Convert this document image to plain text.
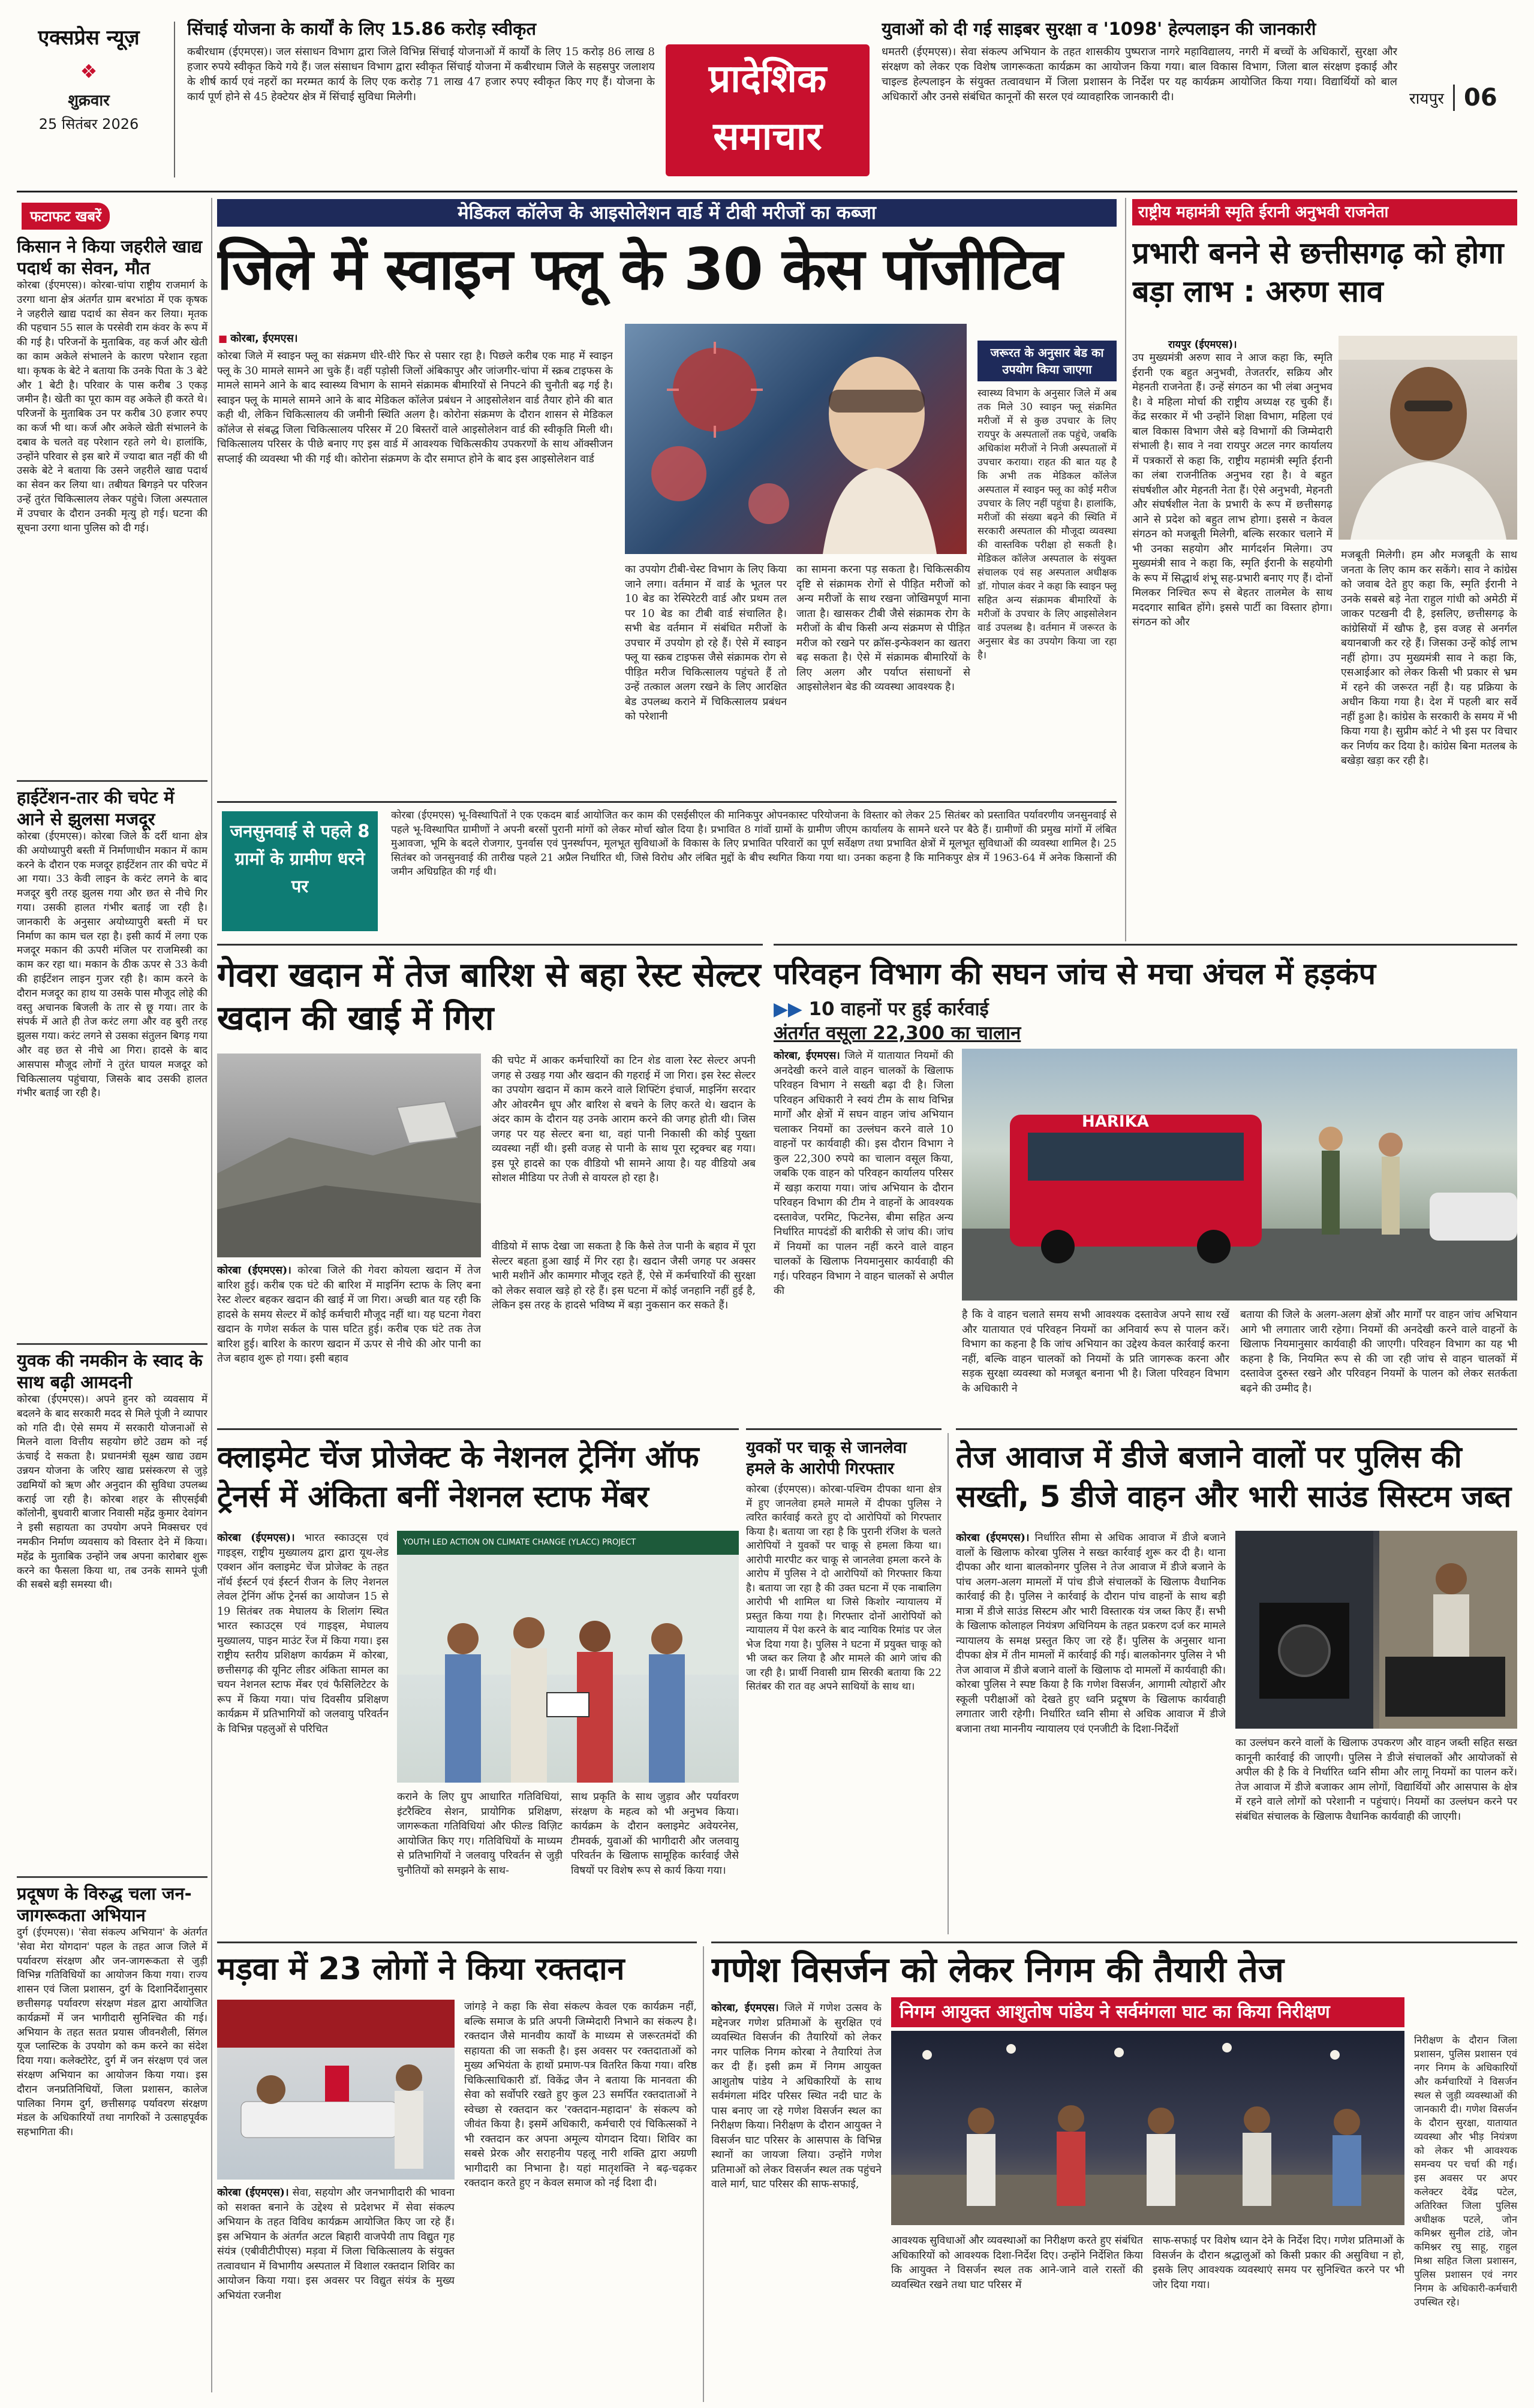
एक्सप्रेस न्यूज़
❖
शुक्रवार
25 सितंबर 2026
सिंचाई योजना के कार्यों के लिए 15.86 करोड़ स्वीकृत
कबीरधाम (ईएमएस)। जल संसाधन विभाग द्वारा जिले विभिन्न सिंचाई योजनाओं में कार्यों के लिए 15 करोड़ 86 लाख 8 हजार रुपये स्वीकृत किये गये हैं। जल संसाधन विभाग द्वारा स्वीकृत सिंचाई योजना में कबीरधाम जिले के सहसपुर जलाशय के शीर्ष कार्य एवं नहरों का मरम्मत कार्य के लिए एक करोड़ 71 लाख 47 हजार रुपए स्वीकृत किए गए हैं। योजना के कार्य पूर्ण होने से 45 हेक्टेयर क्षेत्र में सिंचाई सुविधा मिलेगी।	प्रादेशिक
समाचार
युवाओं को दी गई साइबर सुरक्षा व '1098' हेल्पलाइन की जानकारी
धमतरी (ईएमएस)। सेवा संकल्प अभियान के तहत शासकीय पुष्पराज नागरे महाविद्यालय, नगरी में बच्चों के अधिकारों, सुरक्षा और संरक्षण को लेकर एक विशेष जागरूकता कार्यक्रम का आयोजन किया गया। बाल विकास विभाग, जिला बाल संरक्षण इकाई और चाइल्ड हेल्पलाइन के संयुक्त तत्वावधान में जिला प्रशासन के निर्देश पर यह कार्यक्रम आयोजित किया गया। विद्यार्थियों को बाल अधिकारों और उनसे संबंधित कानूनों की सरल एवं व्यावहारिक जानकारी दी।	रायपुर 06
फटाफट खबरें
किसान ने किया जहरीले खाद्य पदार्थ का सेवन, मौत
कोरबा (ईएमएस)। कोरबा-चांपा राष्ट्रीय राजमार्ग के उरगा थाना क्षेत्र अंतर्गत ग्राम बरभांठा में एक कृषक ने जहरीले खाद्य पदार्थ का सेवन कर लिया। मृतक की पहचान 55 साल के परसेवी राम कंवर के रूप में की गई है। परिजनों के मुताबिक, वह कर्ज और खेती का काम अकेले संभालने के कारण परेशान रहता था। कृषक के बेटे ने बताया कि उनके पिता के 3 बेटे और 1 बेटी है। परिवार के पास करीब 3 एकड़ जमीन है। खेती का पूरा काम वह अकेले ही करते थे। परिजनों के मुताबिक उन पर करीब 30 हजार रुपए का कर्ज भी था। कर्ज और अकेले खेती संभालने के दबाव के चलते वह परेशान रहते लगे थे। हालांकि, उन्होंने परिवार से इस बारे में ज्यादा बात नहीं की थी उसके बेटे ने बताया कि उसने जहरीले खाद्य पदार्थ का सेवन कर लिया था। तबीयत बिगड़ने पर परिजन उन्हें तुरंत चिकित्सालय लेकर पहुंचे। जिला अस्पताल में उपचार के दौरान उनकी मृत्यु हो गई। घटना की सूचना उरगा थाना पुलिस को दी गई।
हाईटेंशन-तार की चपेट में आने से झुलसा मजदूर
कोरबा (ईएमएस)। कोरबा जिले के दर्री थाना क्षेत्र की अयोध्यापुरी बस्ती में निर्माणाधीन मकान में काम करने के दौरान एक मजदूर हाईटेंशन तार की चपेट में आ गया। 33 केवी लाइन के करंट लगने के बाद मजदूर बुरी तरह झुलस गया और छत से नीचे गिर गया। उसकी हालत गंभीर बताई जा रही है। जानकारी के अनुसार अयोध्यापुरी बस्ती में घर निर्माण का काम चल रहा है। इसी कार्य में लगा एक मजदूर मकान की ऊपरी मंजिल पर राजमिस्त्री का काम कर रहा था। मकान के ठीक ऊपर से 33 केवी की हाईटेंशन लाइन गुजर रही है। काम करने के दौरान मजदूर का हाथ या उसके पास मौजूद लोहे की वस्तु अचानक बिजली के तार से छू गया। तार के संपर्क में आते ही तेज करंट लगा और वह बुरी तरह झुलस गया। करंट लगने से उसका संतुलन बिगड़ गया और वह छत से नीचे आ गिरा। हादसे के बाद आसपास मौजूद लोगों ने तुरंत घायल मजदूर को चिकित्सालय पहुंचाया, जिसके बाद उसकी हालत गंभीर बताई जा रही है।
युवक की नमकीन के स्वाद के साथ बढ़ी आमदनी
कोरबा (ईएमएस)। अपने हुनर को व्यवसाय में बदलने के बाद सरकारी मदद से मिले पूंजी ने व्यापार को गति दी। ऐसे समय में सरकारी योजनाओं से मिलने वाला वित्तीय सहयोग छोटे उद्यम को नई ऊंचाई दे सकता है। प्रधानमंत्री सूक्ष्म खाद्य उद्यम उन्नयन योजना के जरिए खाद्य प्रसंस्करण से जुड़े उद्यमियों को ऋण और अनुदान की सुविधा उपलब्ध कराई जा रही है। कोरबा शहर के सीएसईबी कॉलोनी, बुधवारी बाजार निवासी महेंद्र कुमार देवांगन ने इसी सहायता का उपयोग अपने मिक्सचर एवं नमकीन निर्माण व्यवसाय को विस्तार देने में किया। महेंद्र के मुताबिक उन्होंने जब अपना कारोबार शुरू करने का फैसला किया था, तब उनके सामने पूंजी की सबसे बड़ी समस्या थी।
प्रदूषण के विरुद्ध चला जन-जागरूकता अभियान
दुर्ग (ईएमएस)। 'सेवा संकल्प अभियान' के अंतर्गत 'सेवा मेरा योगदान' पहल के तहत आज जिले में पर्यावरण संरक्षण और जन-जागरूकता से जुड़ी विभिन्न गतिविधियों का आयोजन किया गया। राज्य शासन एवं जिला प्रशासन, दुर्ग के दिशानिर्देशानुसार छत्तीसगढ़ पर्यावरण संरक्षण मंडल द्वारा आयोजित कार्यक्रमों में जन भागीदारी सुनिश्चित की गई। अभियान के तहत सतत प्रयास जीवनशैली, सिंगल यूज प्लास्टिक के उपयोग को कम करने का संदेश दिया गया। कलेक्टोरेट, दुर्ग में जन संरक्षण एवं जल संरक्षण अभियान का आयोजन किया गया। इस दौरान जनप्रतिनिधियों, जिला प्रशासन, कालेज पालिका निगम दुर्ग, छत्तीसगढ़ पर्यावरण संरक्षण मंडल के अधिकारियों तथा नागरिकों ने उत्साहपूर्वक सहभागिता की।
मेडिकल कॉलेज के आइसोलेशन वार्ड में टीबी मरीजों का कब्जा
जिले में स्वाइन फ्लू के 30 केस पॉजीटिव
■ कोरबा, ईएमएस।
कोरबा जिले में स्वाइन फ्लू का संक्रमण धीरे-धीरे फिर से पसार रहा है। पिछले करीब एक माह में स्वाइन फ्लू के 30 मामले सामने आ चुके हैं। वहीं पड़ोसी जिलों अंबिकापुर और जांजगीर-चांपा में स्क्रब टाइफस के मामले सामने आने के बाद स्वास्थ्य विभाग के सामने संक्रामक बीमारियों से निपटने की चुनौती बढ़ गई है। स्वाइन फ्लू के मामले सामने आने के बाद मेडिकल कॉलेज प्रबंधन ने आइसोलेशन वार्ड तैयार होने की बात कही थी, लेकिन चिकित्सालय की जमीनी स्थिति अलग है। कोरोना संक्रमण के दौरान शासन से मेडिकल कॉलेज से संबद्ध जिला चिकित्सालय परिसर में 20 बिस्तरों वाले आइसोलेशन वार्ड की स्वीकृति मिली थी। चिकित्सालय परिसर के पीछे बनाए गए इस वार्ड में आवश्यक चिकित्सकीय उपकरणों के साथ ऑक्सीजन सप्लाई की व्यवस्था भी की गई थी। कोरोना संक्रमण के दौर समाप्त होने के बाद इस आइसोलेशन वार्ड
का उपयोग टीबी-चेस्ट विभाग के लिए किया जाने लगा। वर्तमान में वार्ड के भूतल पर 10 बेड का रेस्पिरेटरी वार्ड और प्रथम तल पर 10 बेड का टीबी वार्ड संचालित है। सभी बेड वर्तमान में संबंधित मरीजों के उपचार में उपयोग हो रहे हैं। ऐसे में स्वाइन फ्लू या स्क्रब टाइफस जैसे संक्रामक रोग से पीड़ित मरीज चिकित्सालय पहुंचते हैं तो उन्हें तत्काल अलग रखने के लिए आरक्षित बेड उपलब्ध कराने में चिकित्सालय प्रबंधन को परेशानी
का सामना करना पड़ सकता है। चिकित्सकीय दृष्टि से संक्रामक रोगों से पीड़ित मरीजों को अन्य मरीजों के साथ रखना जोखिमपूर्ण माना जाता है। खासकर टीबी जैसे संक्रामक रोग के मरीजों के बीच किसी अन्य संक्रमण से पीड़ित मरीज को रखने पर क्रॉस-इन्फेक्शन का खतरा बढ़ सकता है। ऐसे में संक्रामक बीमारियों के लिए अलग और पर्याप्त संसाधनों से आइसोलेशन बेड की व्यवस्था आवश्यक है।
जरूरत के अनुसार बेड का उपयोग किया जाएगा
स्वास्थ्य विभाग के अनुसार जिले में अब तक मिले 30 स्वाइन फ्लू संक्रमित मरीजों में से कुछ उपचार के लिए रायपुर के अस्पतालों तक पहुंचे, जबकि अधिकांश मरीजों ने निजी अस्पतालों में उपचार कराया। राहत की बात यह है कि अभी तक मेडिकल कॉलेज अस्पताल में स्वाइन फ्लू का कोई मरीज उपचार के लिए नहीं पहुंचा है। हालांकि, मरीजों की संख्या बढ़ने की स्थिति में सरकारी अस्पताल की मौजूदा व्यवस्था की वास्तविक परीक्षा हो सकती है। मेडिकल कॉलेज अस्पताल के संयुक्त संचालक एवं सह अस्पताल अधीक्षक डॉ. गोपाल कंवर ने कहा कि स्वाइन फ्लू सहित अन्य संक्रामक बीमारियों के मरीजों के उपचार के लिए आइसोलेशन वार्ड उपलब्ध है। वर्तमान में जरूरत के अनुसार बेड का उपयोग किया जा रहा है।
राष्ट्रीय महामंत्री स्मृति ईरानी अनुभवी राजनेता
प्रभारी बनने से छत्तीसगढ़ को होगा बड़ा लाभ : अरुण साव
रायपुर (ईएमएस)।
उप मुख्यमंत्री अरुण साव ने आज कहा कि, स्मृति ईरानी एक बहुत अनुभवी, तेजतर्रार, सक्रिय और मेहनती राजनेता हैं। उन्हें संगठन का भी लंबा अनुभव है। वे महिला मोर्चा की राष्ट्रीय अध्यक्ष रह चुकी हैं। केंद्र सरकार में भी उन्होंने शिक्षा विभाग, महिला एवं बाल विकास विभाग जैसे बड़े विभागों की जिम्मेदारी संभाली है। साव ने नवा रायपुर अटल नगर कार्यालय में पत्रकारों से कहा कि, राष्ट्रीय महामंत्री स्मृति ईरानी का लंबा राजनीतिक अनुभव रहा है। वे बहुत संघर्षशील और मेहनती नेता हैं। ऐसे अनुभवी, मेहनती और संघर्षशील नेता के प्रभारी के रूप में छत्तीसगढ़ आने से प्रदेश को बहुत लाभ होगा। इससे न केवल संगठन को मजबूती मिलेगी, बल्कि सरकार चलाने में भी उनका सहयोग और मार्गदर्शन मिलेगा। उप मुख्यमंत्री साव ने कहा कि, स्मृति ईरानी के सहयोगी के रूप में सिद्धार्थ शंभू सह-प्रभारी बनाए गए हैं। दोनों मिलकर निश्चित रूप से बेहतर तालमेल के साथ मददगार साबित होंगे। इससे पार्टी का विस्तार होगा। संगठन को और
मजबूती मिलेगी। हम और मजबूती के साथ जनता के लिए काम कर सकेंगे। साव ने कांग्रेस को जवाब देते हुए कहा कि, स्मृति ईरानी ने उनके सबसे बड़े नेता राहुल गांधी को अमेठी में जाकर पटखनी दी है, इसलिए, छत्तीसगढ़ के कांग्रेसियों में खौफ है, इस वजह से अनर्गल बयानबाजी कर रहे हैं। जिसका उन्हें कोई लाभ नहीं होगा। उप मुख्यमंत्री साव ने कहा कि, एसआईआर को लेकर किसी भी प्रकार से भ्रम में रहने की जरूरत नहीं है। यह प्रक्रिया के अधीन किया गया है। देश में पहली बार सर्वे नहीं हुआ है। कांग्रेस के सरकारी के समय में भी किया गया है। सुप्रीम कोर्ट ने भी इस पर विचार कर निर्णय कर दिया है। कांग्रेस बिना मतलब के बखेड़ा खड़ा कर रही है।
जनसुनवाई से पहले 8 ग्रामों के ग्रामीण धरने पर
कोरबा (ईएमएस) भू-विस्थापितों ने एक एकदम बार्ड आयोजित कर काम की एसईसीएल की मानिकपुर ओपनकास्ट परियोजना के विस्तार को लेकर 25 सितंबर को प्रस्तावित पर्यावरणीय जनसुनवाई से पहले भू-विस्थापित ग्रामीणों ने अपनी बरसों पुरानी मांगों को लेकर मोर्चा खोल दिया है। प्रभावित 8 गांवों ग्रामों के ग्रामीण जीएम कार्यालय के सामने धरने पर बैठे हैं। ग्रामीणों की प्रमुख मांगों में लंबित मुआवजा, भूमि के बदले रोजगार, पुनर्वास एवं पुनर्स्थापन, मूलभूत सुविधाओं के विकास के लिए प्रभावित परिवारों का पूर्ण सर्वेक्षण तथा प्रभावित क्षेत्रों में मूलभूत सुविधाओं की व्यवस्था शामिल है। 25 सितंबर को जनसुनवाई की तारीख पहले 21 अप्रैल निर्धारित थी, जिसे विरोध और लंबित मुद्दों के बीच स्थगित किया गया था। उनका कहना है कि मानिकपुर क्षेत्र में 1963-64 में अनेक किसानों की जमीन अधिग्रहित की गई थी।
गेवरा खदान में तेज बारिश से बहा रेस्ट सेल्टर खदान की खाई में गिरा
कोरबा (ईएमएस)। कोरबा जिले की गेवरा कोयला खदान में तेज बारिश हुई। करीब एक घंटे की बारिश में माइनिंग स्टाफ के लिए बना रेस्ट शेल्टर बहकर खदान की खाई में जा गिरा। अच्छी बात यह रही कि हादसे के समय सेल्टर में कोई कर्मचारी मौजूद नहीं था। यह घटना गेवरा खदान के गणेश सर्कल के पास घटित हुई। करीब एक घंटे तक तेज बारिश हुई। बारिश के कारण खदान में ऊपर से नीचे की ओर पानी का तेज बहाव शुरू हो गया। इसी बहाव
की चपेट में आकर कर्मचारियों का टिन शेड वाला रेस्ट सेल्टर अपनी जगह से उखड़ गया और खदान की गहराई में जा गिरा। इस रेस्ट सेल्टर का उपयोग खदान में काम करने वाले शिफ्टिंग इंचार्ज, माइनिंग सरदार और ओवरमैन धूप और बारिश से बचने के लिए करते थे। खदान के अंदर काम के दौरान यह उनके आराम करने की जगह होती थी। जिस जगह पर यह सेल्टर बना था, वहां पानी निकासी की कोई पुख्ता व्यवस्था नहीं थी। इसी वजह से पानी के साथ पूरा स्ट्रक्चर बह गया। इस पूरे हादसे का एक वीडियो भी सामने आया है। यह वीडियो अब सोशल मीडिया पर तेजी से वायरल हो रहा है।
वीडियो में साफ देखा जा सकता है कि कैसे तेज पानी के बहाव में पूरा सेल्टर बहता हुआ खाई में गिर रहा है। खदान जैसी जगह पर अक्सर भारी मशीनें और कामगार मौजूद रहते हैं, ऐसे में कर्मचारियों की सुरक्षा को लेकर सवाल खड़े हो रहे हैं। इस घटना में कोई जनहानि नहीं हुई है, लेकिन इस तरह के हादसे भविष्य में बड़ा नुकसान कर सकते हैं।
परिवहन विभाग की सघन जांच से मचा अंचल में हड़कंप
▶▶ 10 वाहनों पर हुई कार्रवाई
अंतर्गत वसूला 22,300 का चालान
कोरबा, ईएमएस। जिले में यातायात नियमों की अनदेखी करने वाले वाहन चालकों के खिलाफ परिवहन विभाग ने सख्ती बढ़ा दी है। जिला परिवहन अधिकारी ने स्वयं टीम के साथ विभिन्न मार्गों और क्षेत्रों में सघन वाहन जांच अभियान चलाकर नियमों का उल्लंघन करने वाले 10 वाहनों पर कार्यवाही की। इस दौरान विभाग ने कुल 22,300 रुपये का चालान वसूल किया, जबकि एक वाहन को परिवहन कार्यालय परिसर में खड़ा कराया गया। जांच अभियान के दौरान परिवहन विभाग की टीम ने वाहनों के आवश्यक दस्तावेज, परमिट, फिटनेस, बीमा सहित अन्य निर्धारित मापदंडों की बारीकी से जांच की। जांच में नियमों का पालन नहीं करने वाले वाहन चालकों के खिलाफ नियमानुसार कार्यवाही की गई। परिवहन विभाग ने वाहन चालकों से अपील की
HARIKA
है कि वे वाहन चलाते समय सभी आवश्यक दस्तावेज अपने साथ रखें और यातायात एवं परिवहन नियमों का अनिवार्य रूप से पालन करें। विभाग का कहना है कि जांच अभियान का उद्देश्य केवल कार्रवाई करना नहीं, बल्कि वाहन चालकों को नियमों के प्रति जागरूक करना और सड़क सुरक्षा व्यवस्था को मजबूत बनाना भी है। जिला परिवहन विभाग के अधिकारी ने
बताया की जिले के अलग-अलग क्षेत्रों और मार्गों पर वाहन जांच अभियान आगे भी लगातार जारी रहेगा। नियमों की अनदेखी करने वाले वाहनों के खिलाफ नियमानुसार कार्यवाही की जाएगी। परिवहन विभाग का यह भी कहना है कि, नियमित रूप से की जा रही जांच से वाहन चालकों में दस्तावेज दुरुस्त रखने और परिवहन नियमों के पालन को लेकर सतर्कता बढ़ने की उम्मीद है।
क्लाइमेट चेंज प्रोजेक्ट के नेशनल ट्रेनिंग ऑफ ट्रेनर्स में अंकिता बनीं नेशनल स्टाफ मेंबर
कोरबा (ईएमएस)। भारत स्काउट्स एवं गाइड्स, राष्ट्रीय मुख्यालय द्वारा द्वारा यूथ-लेड एक्शन ऑन क्लाइमेट चेंज प्रोजेक्ट के तहत नॉर्थ ईस्टर्न एवं ईस्टर्न रीजन के लिए नेशनल लेवल ट्रेनिंग ऑफ ट्रेनर्स का आयोजन 15 से 19 सितंबर तक मेघालय के शिलांग स्थित भारत स्काउट्स एवं गाइड्स, मेघालय मुख्यालय, पाइन माउंट रेंज में किया गया। इस राष्ट्रीय स्तरीय प्रशिक्षण कार्यक्रम में कोरबा, छत्तीसगढ़ की यूनिट लीडर अंकिता सामल का चयन नेशनल स्टाफ मेंबर एवं फैसिलिटेटर के रूप में किया गया। पांच दिवसीय प्रशिक्षण कार्यक्रम में प्रतिभागियों को जलवायु परिवर्तन के विभिन्न पहलुओं से परिचित
YOUTH LED ACTION ON CLIMATE CHANGE (YLACC) PROJECT
कराने के लिए ग्रुप आधारित गतिविधियां, इंटरैक्टिव सेशन, प्रायोगिक प्रशिक्षण, जागरूकता गतिविधियां और फील्ड विज़िट आयोजित किए गए। गतिविधियों के माध्यम से प्रतिभागियों ने जलवायु परिवर्तन से जुड़ी चुनौतियों को समझने के साथ-
साथ प्रकृति के साथ जुड़ाव और पर्यावरण संरक्षण के महत्व को भी अनुभव किया। कार्यक्रम के दौरान क्लाइमेट अवेयरनेस, टीमवर्क, युवाओं की भागीदारी और जलवायु परिवर्तन के खिलाफ सामूहिक कार्रवाई जैसे विषयों पर विशेष रूप से कार्य किया गया।
युवकों पर चाकू से जानलेवा हमले के आरोपी गिरफ्तार
कोरबा (ईएमएस)। कोरबा-पश्चिम दीपका थाना क्षेत्र में हुए जानलेवा हमले मामले में दीपका पुलिस ने त्वरित कार्रवाई करते हुए दो आरोपियों को गिरफ्तार किया है। बताया जा रहा है कि पुरानी रंजिश के चलते आरोपियों ने युवकों पर चाकू से हमला किया था। आरोपी मारपीट कर चाकू से जानलेवा हमला करने के आरोप में पुलिस ने दो आरोपियों को गिरफ्तार किया है। बताया जा रहा है की उक्त घटना में एक नाबालिग आरोपी भी शामिल था जिसे किशोर न्यायालय में प्रस्तुत किया गया है। गिरफ्तार दोनों आरोपियों को न्यायालय में पेश करने के बाद न्यायिक रिमांड पर जेल भेज दिया गया है। पुलिस ने घटना में प्रयुक्त चाकू को भी जब्त कर लिया है और मामले की आगे जांच की जा रही है। प्रार्थी निवासी ग्राम सिरकी बताया कि 22 सितंबर की रात वह अपने साथियों के साथ था।
तेज आवाज में डीजे बजाने वालों पर पुलिस की सख्ती, 5 डीजे वाहन और भारी साउंड सिस्टम जब्त
कोरबा (ईएमएस)। निर्धारित सीमा से अधिक आवाज में डीजे बजाने वालों के खिलाफ कोरबा पुलिस ने सख्त कार्रवाई शुरू कर दी है। थाना दीपका और थाना बालकोनगर पुलिस ने तेज आवाज में डीजे बजाने के पांच अलग-अलग मामलों में पांच डीजे संचालकों के खिलाफ वैधानिक कार्रवाई की है। पुलिस ने कार्रवाई के दौरान पांच वाहनों के साथ बड़ी मात्रा में डीजे साउंड सिस्टम और भारी विस्तारक यंत्र जब्त किए हैं। सभी के खिलाफ कोलाहल नियंत्रण अधिनियम के तहत प्रकरण दर्ज कर मामले न्यायालय के समक्ष प्रस्तुत किए जा रहे हैं। पुलिस के अनुसार थाना दीपका क्षेत्र में तीन मामलों में कार्रवाई की गई। बालकोनगर पुलिस ने भी तेज आवाज में डीजे बजाने वालों के खिलाफ दो मामलों में कार्यवाही की। कोरबा पुलिस ने स्पष्ट किया है कि गणेश विसर्जन, आगामी त्योहारों और स्कूली परीक्षाओं को देखते हुए ध्वनि प्रदूषण के खिलाफ कार्यवाही लगातार जारी रहेगी। निर्धारित ध्वनि सीमा से अधिक आवाज में डीजे बजाना तथा माननीय न्यायालय एवं एनजीटी के दिशा-निर्देशों
का उल्लंघन करने वालों के खिलाफ उपकरण और वाहन जब्ती सहित सख्त कानूनी कार्रवाई की जाएगी। पुलिस ने डीजे संचालकों और आयोजकों से अपील की है कि वे निर्धारित ध्वनि सीमा और लागू नियमों का पालन करें। तेज आवाज में डीजे बजाकर आम लोगों, विद्यार्थियों और आसपास के क्षेत्र में रहने वाले लोगों को परेशानी न पहुंचाएं। नियमों का उल्लंघन करने पर संबंधित संचालक के खिलाफ वैधानिक कार्यवाही की जाएगी।
मड़वा में 23 लोगों ने किया रक्तदान
कोरबा (ईएमएस)। सेवा, सहयोग और जनभागीदारी की भावना को सशक्त बनाने के उद्देश्य से प्रदेशभर में सेवा संकल्प अभियान के तहत विविध कार्यक्रम आयोजित किए जा रहे हैं। इस अभियान के अंतर्गत अटल बिहारी वाजपेयी ताप विद्युत गृह संयंत्र (एबीवीटीपीएस) मड़वा में जिला चिकित्सालय के संयुक्त तत्वावधान में विभागीय अस्पताल में विशाल रक्तदान शिविर का आयोजन किया गया। इस अवसर पर विद्युत संयंत्र के मुख्य अभियंता रजनीश
जांगड़े ने कहा कि सेवा संकल्प केवल एक कार्यक्रम नहीं, बल्कि समाज के प्रति अपनी जिम्मेदारी निभाने का संकल्प है। रक्तदान जैसे मानवीय कार्यों के माध्यम से जरूरतमंदों की सहायता की जा सकती है। इस अवसर पर रक्तदाताओं को मुख्य अभियंता के हाथों प्रमाण-पत्र वितरित किया गया। वरिष्ठ चिकित्साधिकारी डॉ. विकेंद्र जैन ने बताया कि मानवता की सेवा को सर्वोपरि रखते हुए कुल 23 समर्पित रक्तदाताओं ने स्वेच्छा से रक्तदान कर 'रक्तदान-महादान' के संकल्प को जीवंत किया है। इसमें अधिकारी, कर्मचारी एवं चिकित्सकों ने भी रक्तदान कर अपना अमूल्य योगदान दिया। शिविर का सबसे प्रेरक और सराहनीय पहलू नारी शक्ति द्वारा अग्रणी भागीदारी का निभाना है। यहां मातृशक्ति ने बढ़-चढ़कर रक्तदान करते हुए न केवल समाज को नई दिशा दी।
गणेश विसर्जन को लेकर निगम की तैयारी तेज
निगम आयुक्त आशुतोष पांडेय ने सर्वमंगला घाट का किया निरीक्षण
कोरबा, ईएमएस। जिले में गणेश उत्सव के मद्देनजर गणेश प्रतिमाओं के सुरक्षित एवं व्यवस्थित विसर्जन की तैयारियों को लेकर नगर पालिक निगम कोरबा ने तैयारियां तेज कर दी हैं। इसी क्रम में निगम आयुक्त आशुतोष पांडेय ने अधिकारियों के साथ सर्वमंगला मंदिर परिसर स्थित नदी घाट के पास बनाए जा रहे गणेश विसर्जन स्थल का निरीक्षण किया। निरीक्षण के दौरान आयुक्त ने विसर्जन घाट परिसर के आसपास के विभिन्न स्थानों का जायजा लिया। उन्होंने गणेश प्रतिमाओं को लेकर विसर्जन स्थल तक पहुंचने वाले मार्ग, घाट परिसर की साफ-सफाई,
आवश्यक सुविधाओं और व्यवस्थाओं का निरीक्षण करते हुए संबंधित अधिकारियों को आवश्यक दिशा-निर्देश दिए। उन्होंने निर्देशित किया कि आयुक्त ने विसर्जन स्थल तक आने-जाने वाले रास्तों की व्यवस्थित रखने तथा घाट परिसर में
साफ-सफाई पर विशेष ध्यान देने के निर्देश दिए। गणेश प्रतिमाओं के विसर्जन के दौरान श्रद्धालुओं को किसी प्रकार की असुविधा न हो, इसके लिए आवश्यक व्यवस्थाएं समय पर सुनिश्चित करने पर भी जोर दिया गया।
निरीक्षण के दौरान जिला प्रशासन, पुलिस प्रशासन एवं नगर निगम के अधिकारियों और कर्मचारियों ने विसर्जन स्थल से जुड़ी व्यवस्थाओं की जानकारी दी। गणेश विसर्जन के दौरान सुरक्षा, यातायात व्यवस्था और भीड़ नियंत्रण को लेकर भी आवश्यक समन्वय पर चर्चा की गई। इस अवसर पर अपर कलेक्टर देवेंद्र पटेल, अतिरिक्त जिला पुलिस अधीक्षक पटले, जोन कमिश्नर सुनील टांडे, जोन कमिश्नर रघु साहू, राहुल मिश्रा सहित जिला प्रशासन, पुलिस प्रशासन एवं नगर निगम के अधिकारी-कर्मचारी उपस्थित रहे।
